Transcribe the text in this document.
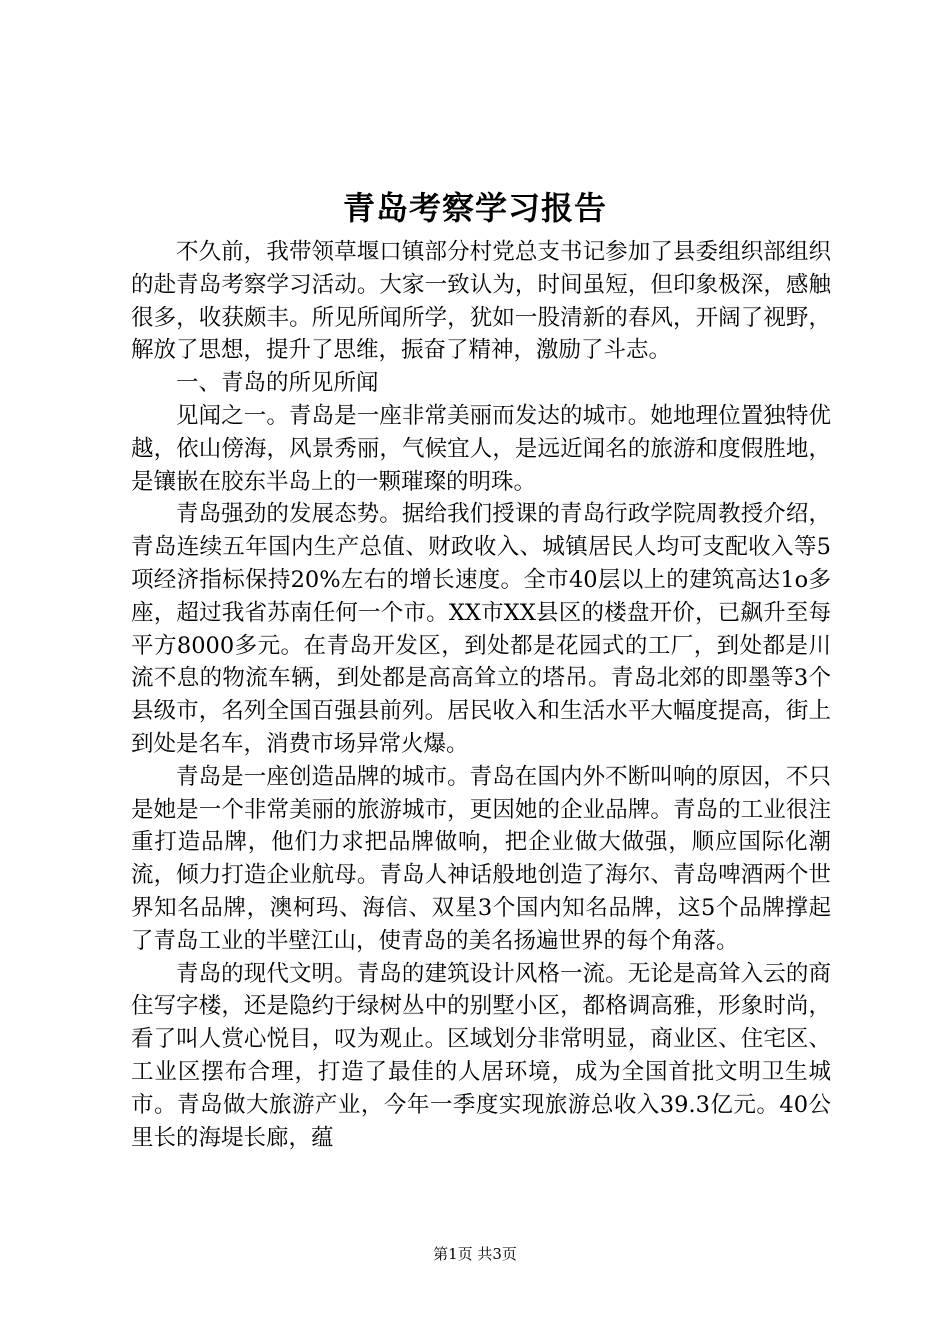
青岛考察学习报告

不久前，我带领草堰口镇部分村党总支书记参加了县委组织部组织的赴青岛考察学习活动。大家一致认为，时间虽短，但印象极深，感触很多，收获颇丰。所见所闻所学，犹如一股清新的春风，开阔了视野，解放了思想，提升了思维，振奋了精神，激励了斗志。

一、青岛的所见所闻

见闻之一。青岛是一座非常美丽而发达的城市。她地理位置独特优越，依山傍海，风景秀丽，气候宜人，是远近闻名的旅游和度假胜地，是镶嵌在胶东半岛上的一颗璀璨的明珠。

青岛强劲的发展态势。据给我们授课的青岛行政学院周教授介绍，青岛连续五年国内生产总值、财政收入、城镇居民人均可支配收入等5项经济指标保持20%左右的增长速度。全市40层以上的建筑高达1o多座，超过我省苏南任何一个市。XX市XX县区的楼盘开价，已飙升至每平方8000多元。在青岛开发区，到处都是花园式的工厂，到处都是川流不息的物流车辆，到处都是高高耸立的塔吊。青岛北郊的即墨等3个县级市，名列全国百强县前列。居民收入和生活水平大幅度提高，街上到处是名车，消费市场异常火爆。

青岛是一座创造品牌的城市。青岛在国内外不断叫响的原因，不只是她是一个非常美丽的旅游城市，更因她的企业品牌。青岛的工业很注重打造品牌，他们力求把品牌做响，把企业做大做强，顺应国际化潮流，倾力打造企业航母。青岛人神话般地创造了海尔、青岛啤酒两个世界知名品牌，澳柯玛、海信、双星3个国内知名品牌，这5个品牌撑起了青岛工业的半壁江山，使青岛的美名扬遍世界的每个角落。

青岛的现代文明。青岛的建筑设计风格一流。无论是高耸入云的商住写字楼，还是隐约于绿树丛中的别墅小区，都格调高雅，形象时尚，看了叫人赏心悦目，叹为观止。区域划分非常明显，商业区、住宅区、工业区摆布合理，打造了最佳的人居环境，成为全国首批文明卫生城市。青岛做大旅游产业，今年一季度实现旅游总收入39.3亿元。40公里长的海堤长廊，蕴

第1页 共3页
